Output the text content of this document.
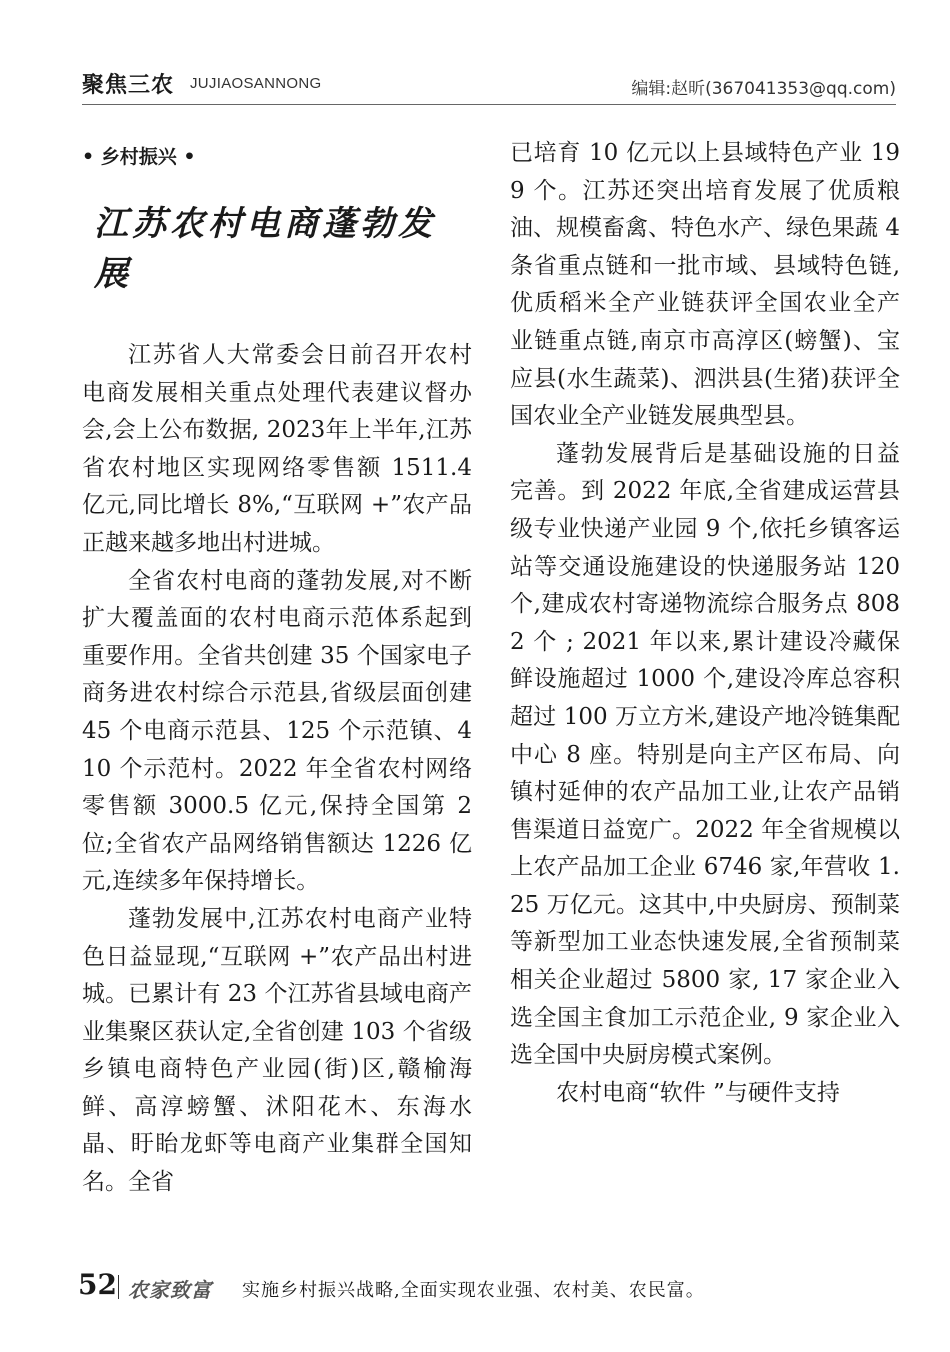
聚焦三农 JUJIAOSANNONG	编辑:赵昕(367041353@qq.com)
• 乡村振兴 •
江苏农村电商蓬勃发展

江苏省人大常委会日前召开农村电商发展相关重点处理代表建议督办会,会上公布数据, 2023年上半年,江苏省农村地区实现网络零售额 1511.4 亿元,同比增长 8%,“互联网 +”农产品正越来越多地出村进城。

全省农村电商的蓬勃发展,对不断扩大覆盖面的农村电商示范体系起到重要作用。全省共创建 35 个国家电子商务进农村综合示范县,省级层面创建 45 个电商示范县、125 个示范镇、410 个示范村。2022 年全省农村网络零售额 3000.5 亿元,保持全国第 2 位;全省农产品网络销售额达 1226 亿元,连续多年保持增长。

蓬勃发展中,江苏农村电商产业特色日益显现,“互联网 +”农产品出村进城。已累计有 23 个江苏省县域电商产业集聚区获认定,全省创建 103 个省级乡镇电商特色产业园(街)区,赣榆海鲜、高淳螃蟹、沭阳花木、东海水晶、盱眙龙虾等电商产业集群全国知名。全省

已培育 10 亿元以上县域特色产业 199 个。江苏还突出培育发展了优质粮油、规模畜禽、特色水产、绿色果蔬 4 条省重点链和一批市域、县域特色链,优质稻米全产业链获评全国农业全产业链重点链,南京市高淳区(螃蟹)、宝应县(水生蔬菜)、泗洪县(生猪)获评全国农业全产业链发展典型县。

蓬勃发展背后是基础设施的日益完善。到 2022 年底,全省建成运营县级专业快递产业园 9 个,依托乡镇客运站等交通设施建设的快递服务站 120 个,建成农村寄递物流综合服务点 8082 个 ; 2021 年以来,累计建设冷藏保鲜设施超过 1000 个,建设冷库总容积超过 100 万立方米,建设产地冷链集配中心 8 座。特别是向主产区布局、向镇村延伸的农产品加工业,让农产品销售渠道日益宽广。2022 年全省规模以上农产品加工企业 6746 家,年营收 1.25 万亿元。这其中,中央厨房、预制菜等新型加工业态快速发展,全省预制菜相关企业超过 5800 家, 17 家企业入选全国主食加工示范企业, 9 家企业入选全国中央厨房模式案例。

农村电商“软件 ”与硬件支持

52 农家致富 实施乡村振兴战略,全面实现农业强、农村美、农民富。
